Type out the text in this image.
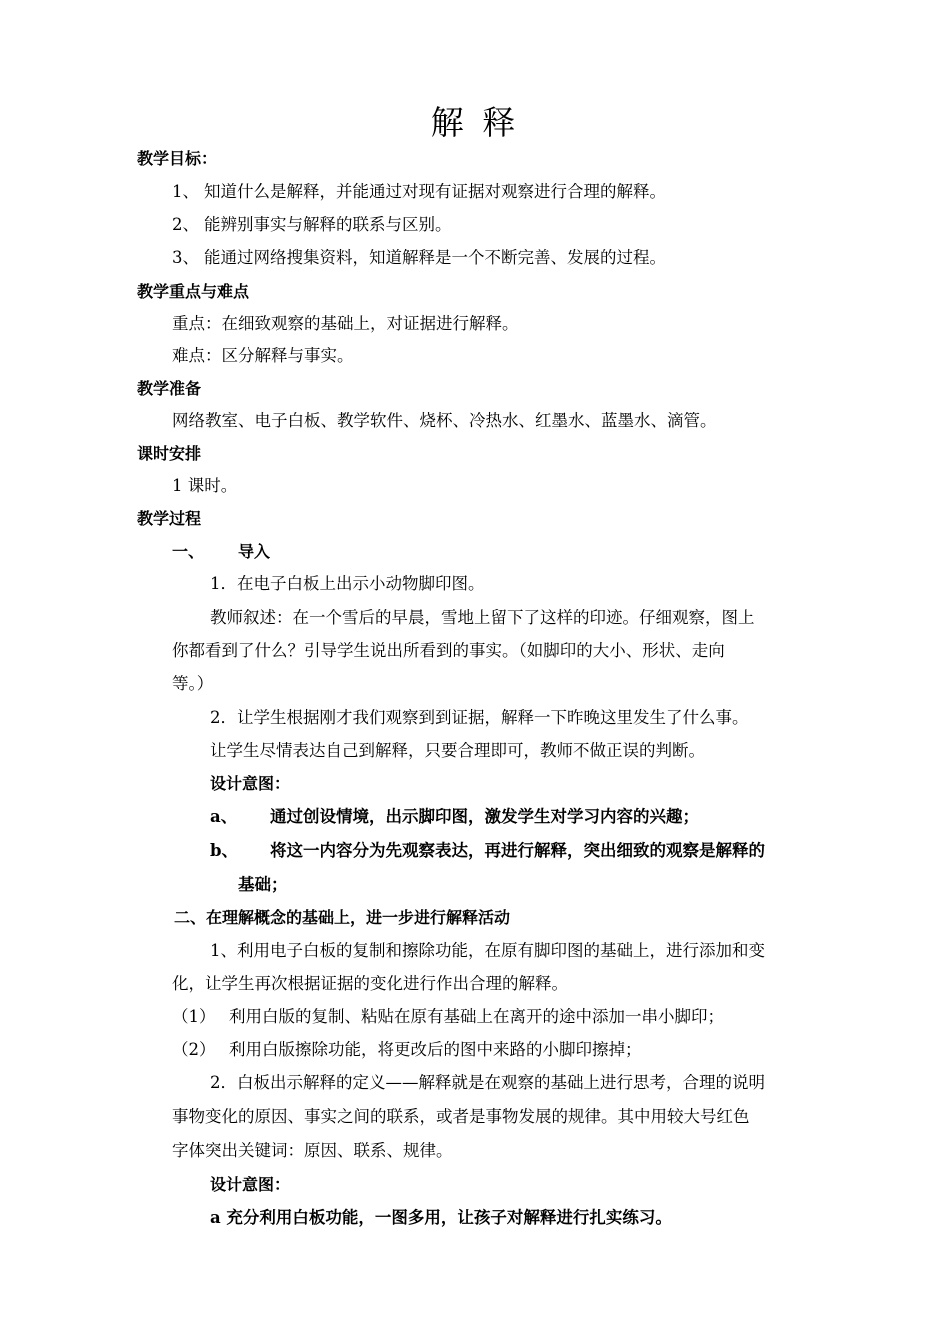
解 释
教学目标：
1、 知道什么是解释，并能通过对现有证据对观察进行合理的解释。
2、 能辨别事实与解释的联系与区别。
3、 能通过网络搜集资料，知道解释是一个不断完善、发展的过程。
教学重点与难点
重点：在细致观察的基础上，对证据进行解释。
难点：区分解释与事实。
教学准备
网络教室、电子白板、教学软件、烧杯、冷热水、红墨水、蓝墨水、滴管。
课时安排
1 课时。
教学过程
一、 导入
1．在电子白板上出示小动物脚印图。
教师叙述：在一个雪后的早晨，雪地上留下了这样的印迹。仔细观察，图上
你都看到了什么？引导学生说出所看到的事实。（如脚印的大小、形状、走向
等。）
2．让学生根据刚才我们观察到到证据，解释一下昨晚这里发生了什么事。
让学生尽情表达自己到解释，只要合理即可，教师不做正误的判断。
设计意图：
a、 通过创设情境，出示脚印图，激发学生对学习内容的兴趣；
b、 将这一内容分为先观察表达，再进行解释，突出细致的观察是解释的
基础；
二、在理解概念的基础上，进一步进行解释活动
1、利用电子白板的复制和擦除功能，在原有脚印图的基础上，进行添加和变
化，让学生再次根据证据的变化进行作出合理的解释。
（1） 利用白版的复制、粘贴在原有基础上在离开的途中添加一串小脚印；
（2） 利用白版擦除功能，将更改后的图中来路的小脚印擦掉；
2．白板出示解释的定义——解释就是在观察的基础上进行思考，合理的说明
事物变化的原因、事实之间的联系，或者是事物发展的规律。其中用较大号红色
字体突出关键词：原因、联系、规律。
设计意图：
a 充分利用白板功能，一图多用，让孩子对解释进行扎实练习。
